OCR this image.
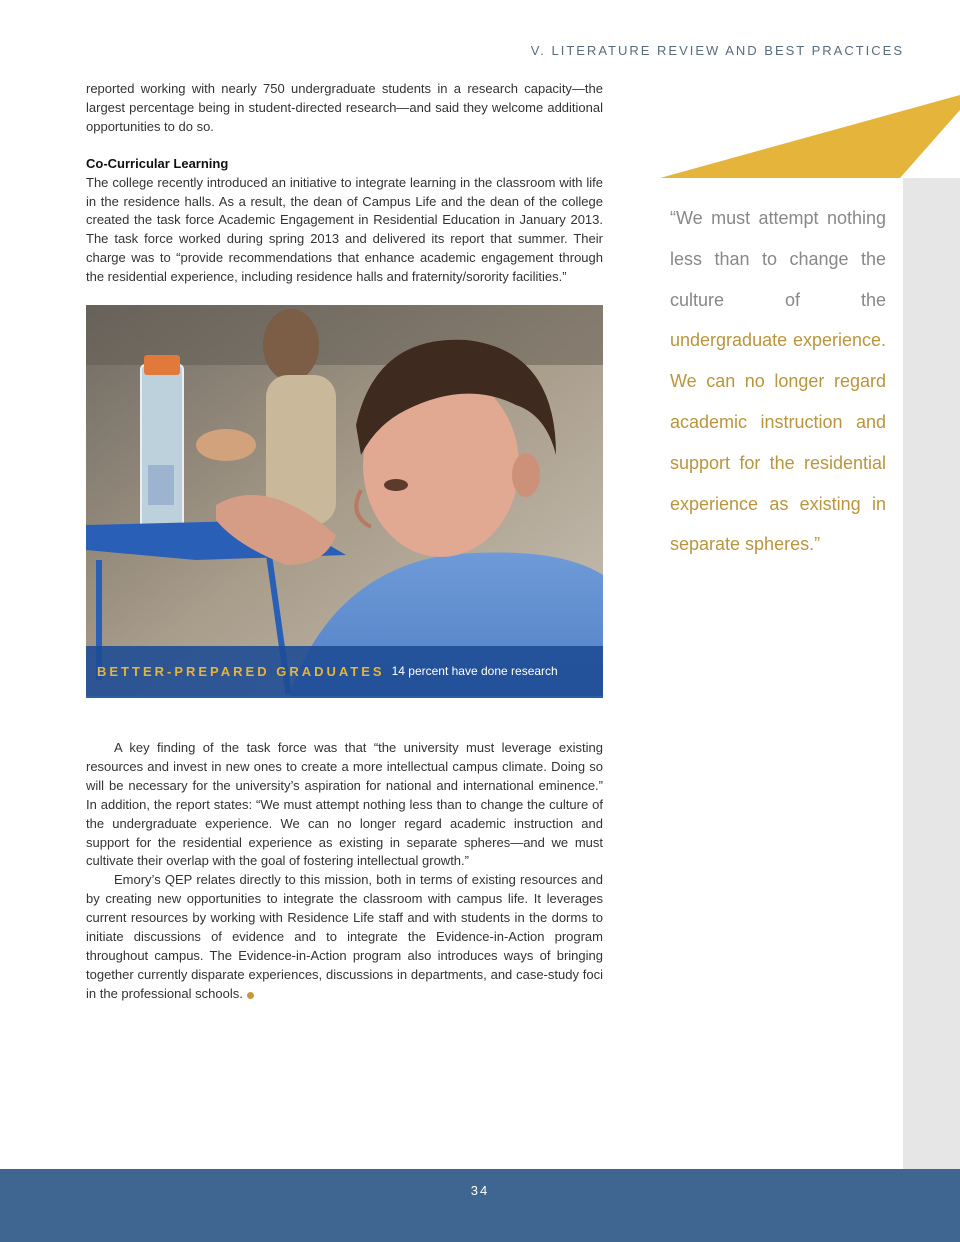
V. LITERATURE REVIEW AND BEST PRACTICES

reported working with nearly 750 undergraduate students in a research capacity—the largest percentage being in student-directed research—and said they welcome additional opportunities to do so.

Co-Curricular Learning

The college recently introduced an initiative to integrate learning in the classroom with life in the residence halls. As a result, the dean of Campus Life and the dean of the college created the task force Academic Engagement in Residential Education in January 2013. The task force worked during spring 2013 and delivered its report that summer. Their charge was to “provide recommendations that enhance academic engagement through the residential experience, including residence halls and fraternity/sorority facilities.”

BETTER-PREPARED GRADUATES 14 percent have done research

A key finding of the task force was that “the university must leverage existing resources and invest in new ones to create a more intellectual campus climate. Doing so will be necessary for the university’s aspiration for national and international eminence.” In addition, the report states: “We must attempt nothing less than to change the culture of the undergraduate experience. We can no longer regard academic instruction and support for the residential experience as existing in separate spheres—and we must cultivate their overlap with the goal of fostering intellectual growth.”

Emory’s QEP relates directly to this mission, both in terms of existing resources and by creating new opportunities to integrate the classroom with campus life. It leverages current resources by working with Residence Life staff and with students in the dorms to initiate discussions of evidence and to integrate the Evidence-in-Action program throughout campus. The Evidence-in-Action program also introduces ways of bringing together currently disparate experiences, discussions in departments, and case-study foci in the professional schools.

“We must attempt nothing less than to change the culture of the undergraduate experience. We can no longer regard academic instruction and support for the residential experience as existing in separate spheres.”
34
